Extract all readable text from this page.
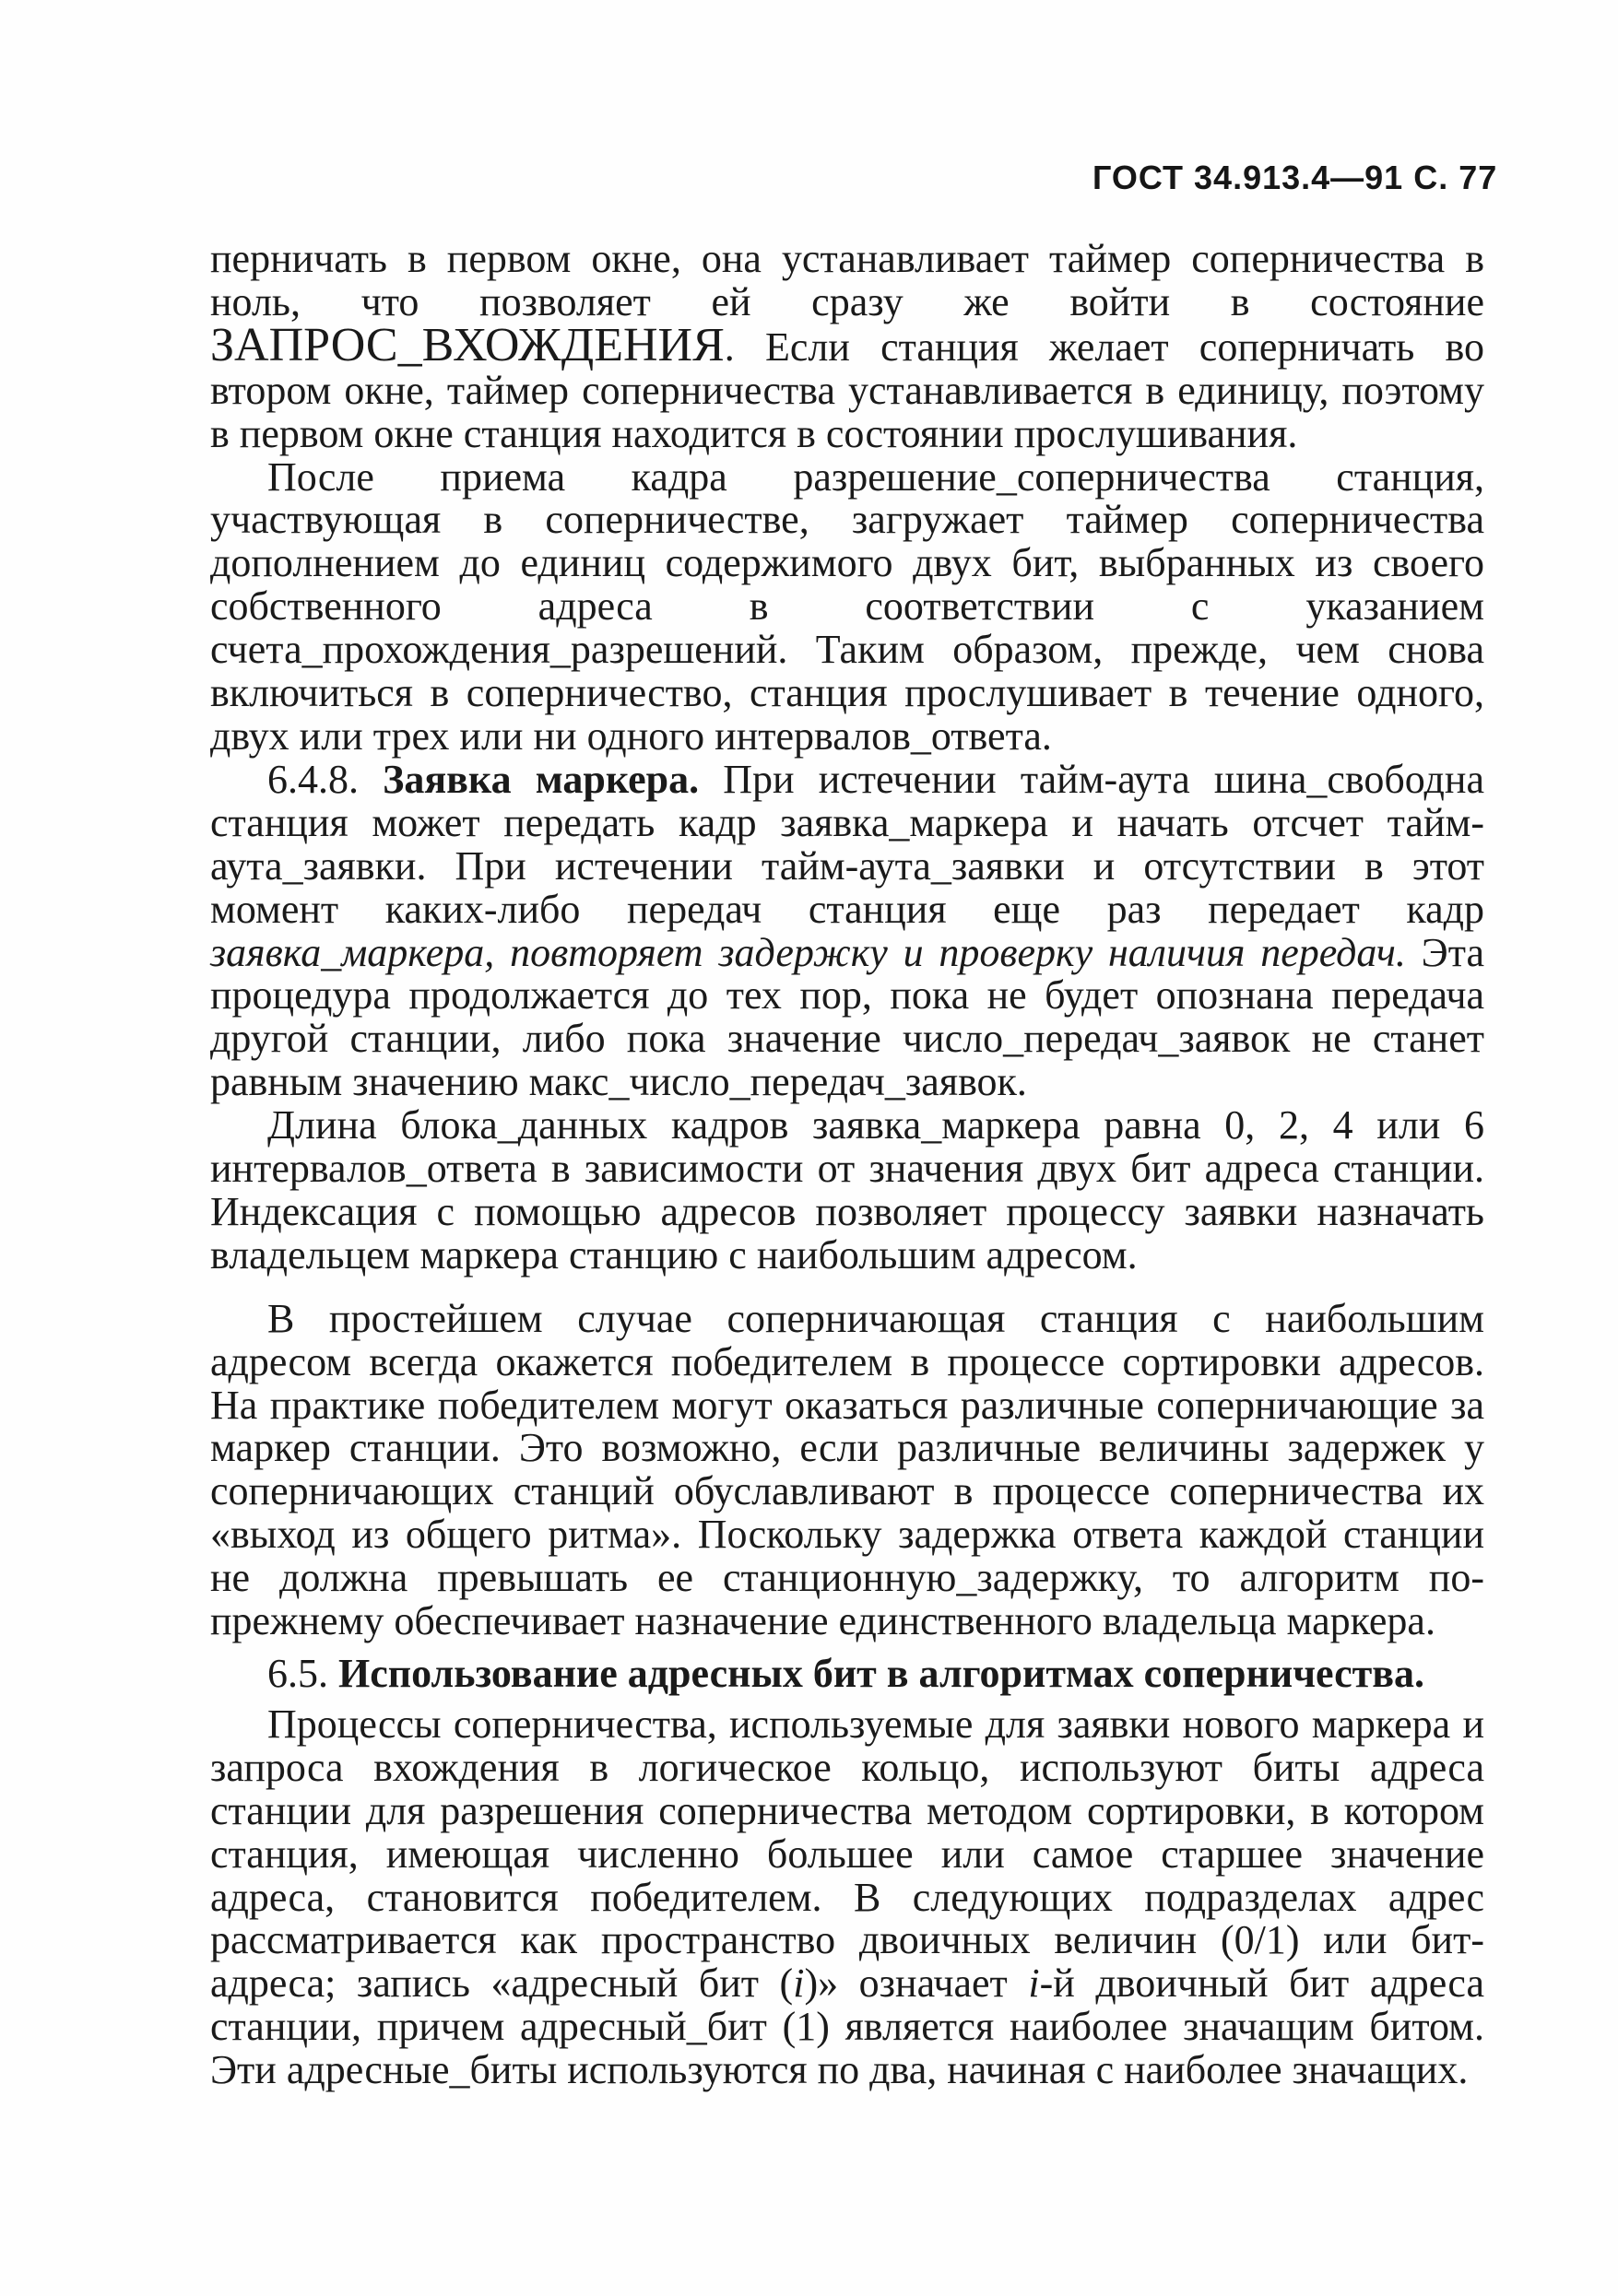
ГОСТ 34.913.4—91 С. 77

перничать в первом окне, она устанавливает таймер соперничества в ноль, что позволяет ей сразу же войти в состояние ЗАПРОС_ВХОЖДЕНИЯ. Если станция желает соперничать во втором окне, таймер соперничества устанавливается в единицу, поэтому в первом окне станция находится в состоянии прослушивания.

После приема кадра разрешение_соперничества станция, участвующая в соперничестве, загружает таймер соперничества дополнением до единиц содержимого двух бит, выбранных из своего собственного адреса в соответствии с указанием счета_прохождения_разрешений. Таким образом, прежде, чем снова включиться в соперничество, станция прослушивает в течение одного, двух или трех или ни одного интервалов_ответа.

6.4.8. Заявка маркера. При истечении тайм-аута шина_свободна станция может передать кадр заявка_маркера и начать отсчет тайм-аута_заявки. При истечении тайм-аута_заявки и отсутствии в этот момент каких-либо передач станция еще раз передает кадр заявка_маркера, повторяет задержку и проверку наличия передач. Эта процедура продолжается до тех пор, пока не будет опознана передача другой станции, либо пока значение число_передач_заявок не станет равным значению макс_число_передач_заявок.

Длина блока_данных кадров заявка_маркера равна 0, 2, 4 или 6 интервалов_ответа в зависимости от значения двух бит адреса станции. Индексация с помощью адресов позволяет процессу заявки назначать владельцем маркера станцию с наибольшим адресом.

В простейшем случае соперничающая станция с наибольшим адресом всегда окажется победителем в процессе сортировки адресов. На практике победителем могут оказаться различные соперничающие за маркер станции. Это возможно, если различные величины задержек у соперничающих станций обуславливают в процессе соперничества их «выход из общего ритма». Поскольку задержка ответа каждой станции не должна превышать ее станционную_задержку, то алгоритм по-прежнему обеспечивает назначение единственного владельца маркера.

6.5. Использование адресных бит в алгоритмах соперничества.

Процессы соперничества, используемые для заявки нового маркера и запроса вхождения в логическое кольцо, используют биты адреса станции для разрешения соперничества методом сортировки, в котором станция, имеющая численно большее или самое старшее значение адреса, становится победителем. В следующих подразделах адрес рассматривается как пространство двоичных величин (0/1) или бит-адреса; запись «адресный бит (i)» означает i-й двоичный бит адреса станции, причем адресный_бит (1) является наиболее значащим битом. Эти адресные_биты используются по два, начиная с наиболее значащих.
